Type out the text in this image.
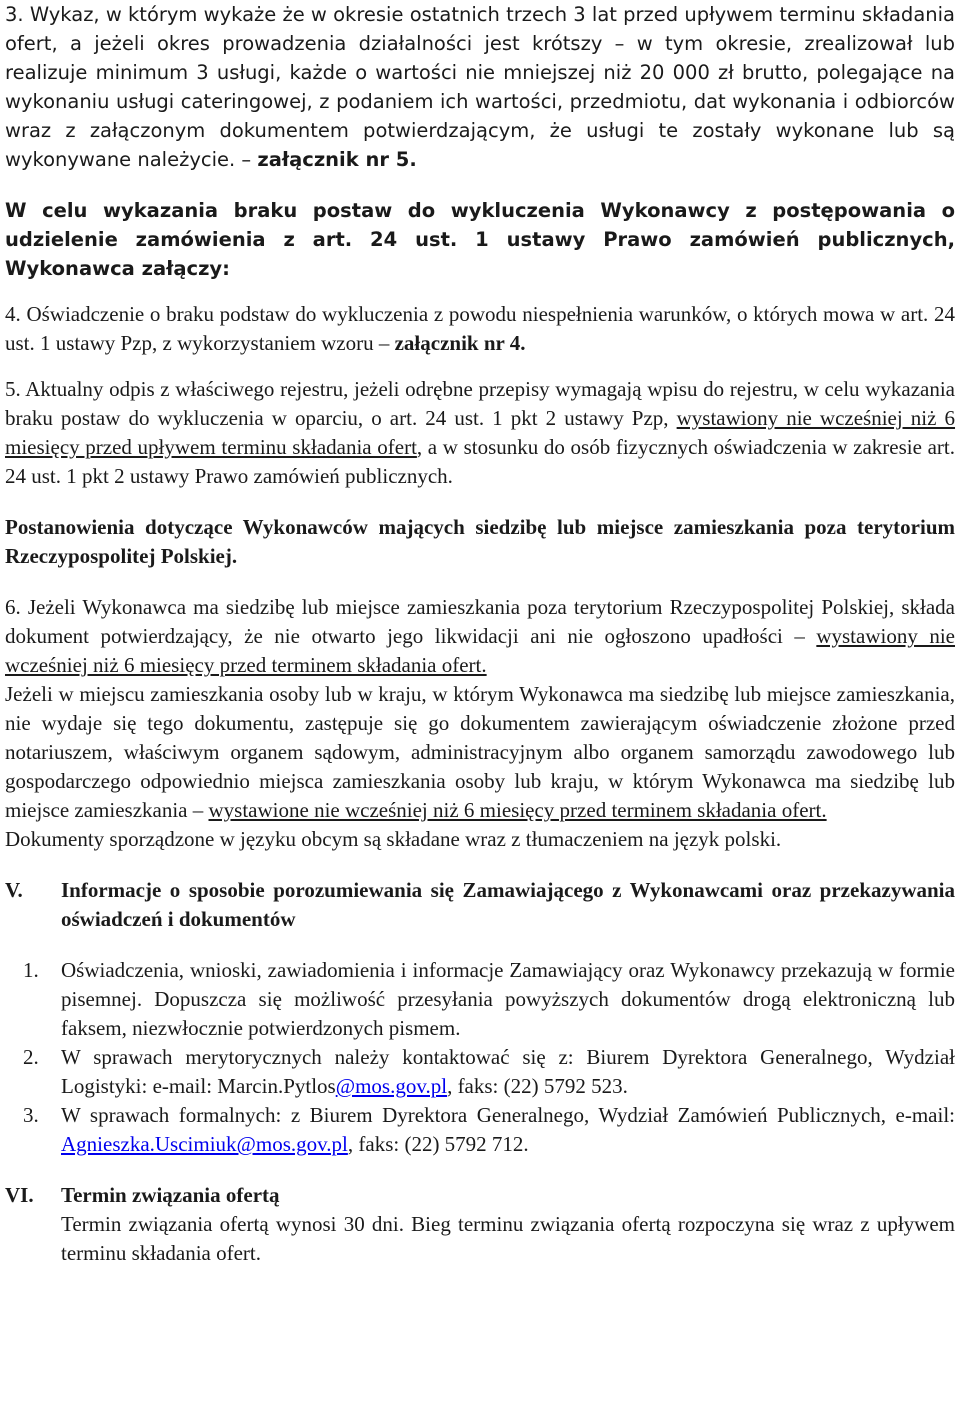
3. Wykaz, w którym wykaże że w okresie ostatnich trzech 3 lat przed upływem terminu składania ofert, a jeżeli okres prowadzenia działalności jest krótszy – w tym okresie, zrealizował lub realizuje minimum 3 usługi, każde o wartości nie mniejszej niż 20 000 zł brutto, polegające na wykonaniu usługi cateringowej, z podaniem ich wartości, przedmiotu, dat wykonania i odbiorców wraz z załączonym dokumentem potwierdzającym, że usługi te zostały wykonane lub są wykonywane należycie. – załącznik nr 5.

W celu wykazania braku postaw do wykluczenia Wykonawcy z postępowania o udzielenie zamówienia z art. 24 ust. 1 ustawy Prawo zamówień publicznych, Wykonawca załączy:

4. Oświadczenie o braku podstaw do wykluczenia z powodu niespełnienia warunków, o których mowa w art. 24 ust. 1 ustawy Pzp, z wykorzystaniem wzoru – załącznik nr 4.

5. Aktualny odpis z właściwego rejestru, jeżeli odrębne przepisy wymagają wpisu do rejestru, w celu wykazania braku postaw do wykluczenia w oparciu, o art. 24 ust. 1 pkt 2 ustawy Pzp, wystawiony nie wcześniej niż 6 miesięcy przed upływem terminu składania ofert, a w stosunku do osób fizycznych oświadczenia w zakresie art. 24 ust. 1 pkt 2 ustawy Prawo zamówień publicznych.

Postanowienia dotyczące Wykonawców mających siedzibę lub miejsce zamieszkania poza terytorium Rzeczypospolitej Polskiej.

6. Jeżeli Wykonawca ma siedzibę lub miejsce zamieszkania poza terytorium Rzeczypospolitej Polskiej, składa dokument potwierdzający, że nie otwarto jego likwidacji ani nie ogłoszono upadłości – wystawiony nie wcześniej niż 6 miesięcy przed terminem składania ofert.

Jeżeli w miejscu zamieszkania osoby lub w kraju, w którym Wykonawca ma siedzibę lub miejsce zamieszkania, nie wydaje się tego dokumentu, zastępuje się go dokumentem zawierającym oświadczenie złożone przed notariuszem, właściwym organem sądowym, administracyjnym albo organem samorządu zawodowego lub gospodarczego odpowiednio miejsca zamieszkania osoby lub kraju, w którym Wykonawca ma siedzibę lub miejsce zamieszkania – wystawione nie wcześniej niż 6 miesięcy przed terminem składania ofert.

Dokumenty sporządzone w języku obcym są składane wraz z tłumaczeniem na język polski.

V.	Informacje o sposobie porozumiewania się Zamawiającego z Wykonawcami oraz przekazywania oświadczeń i dokumentów
1.	Oświadczenia, wnioski, zawiadomienia i informacje Zamawiający oraz Wykonawcy przekazują w formie pisemnej. Dopuszcza się możliwość przesyłania powyższych dokumentów drogą elektroniczną lub faksem, niezwłocznie potwierdzonych pismem.
2.	W sprawach merytorycznych należy kontaktować się z: Biurem Dyrektora Generalnego, Wydział Logistyki: e-mail: Marcin.Pytlos@mos.gov.pl, faks: (22) 5792 523.
3.	W sprawach formalnych: z Biurem Dyrektora Generalnego, Wydział Zamówień Publicznych, e-mail: Agnieszka.Uscimiuk@mos.gov.pl, faks: (22) 5792 712.
VI.	Termin związania ofertą

Termin związania ofertą wynosi 30 dni. Bieg terminu związania ofertą rozpoczyna się wraz z upływem terminu składania ofert.
